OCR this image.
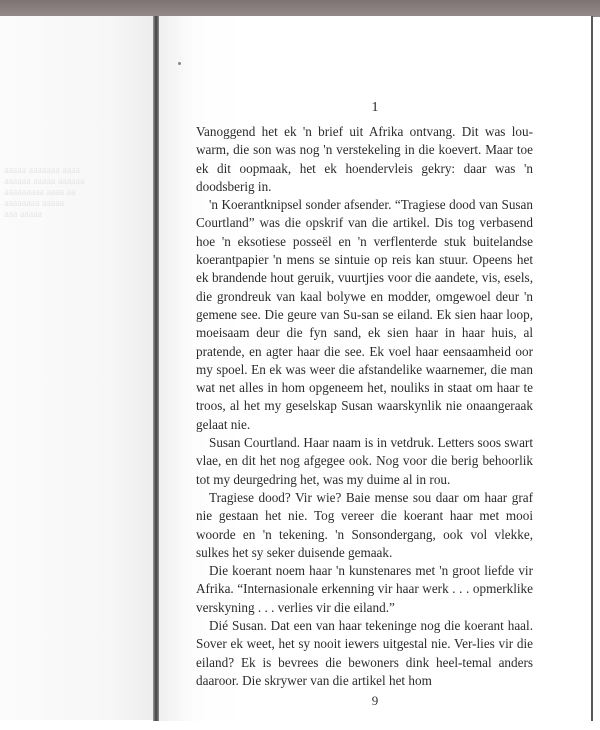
aaaaa aaaaaaa aaaa
aaaaaa aaaaa aaaaaa
aaaaaaaaa aaaa aa
aaaaaaaa aaaaa
aaa aaaaa
1

Vanoggend het ek 'n brief uit Afrika ontvang. Dit was lou-warm, die son was nog 'n verstekeling in die koevert. Maar toe ek dit oopmaak, het ek hoendervleis gekry: daar was 'n doodsberig in.

'n Koerantknipsel sonder afsender. “Tragiese dood van Susan Courtland” was die opskrif van die artikel. Dis tog verbasend hoe 'n eksotiese posseël en 'n verflenterde stuk buitelandse koerantpapier 'n mens se sintuie op reis kan stuur. Opeens het ek brandende hout geruik, vuurtjies voor die aandete, vis, esels, die grondreuk van kaal bolywe en modder, omgewoel deur 'n gemene see. Die geure van Su-san se eiland. Ek sien haar loop, moeisaam deur die fyn sand, ek sien haar in haar huis, al pratende, en agter haar die see. Ek voel haar eensaamheid oor my spoel. En ek was weer die afstandelike waarnemer, die man wat net alles in hom opgeneem het, nouliks in staat om haar te troos, al het my geselskap Susan waarskynlik nie onaangeraak gelaat nie.

Susan Courtland. Haar naam is in vetdruk. Letters soos swart vlae, en dit het nog afgegee ook. Nog voor die berig behoorlik tot my deurgedring het, was my duime al in rou.

Tragiese dood? Vir wie? Baie mense sou daar om haar graf nie gestaan het nie. Tog vereer die koerant haar met mooi woorde en 'n tekening. 'n Sonsondergang, ook vol vlekke, sulkes het sy seker duisende gemaak.

Die koerant noem haar 'n kunstenares met 'n groot liefde vir Afrika. “Internasionale erkenning vir haar werk . . . opmerklike verskyning . . . verlies vir die eiland.”

Dié Susan. Dat een van haar tekeninge nog die koerant haal. Sover ek weet, het sy nooit iewers uitgestal nie. Ver-lies vir die eiland? Ek is bevrees die bewoners dink heel-temal anders daaroor. Die skrywer van die artikel het hom

9
